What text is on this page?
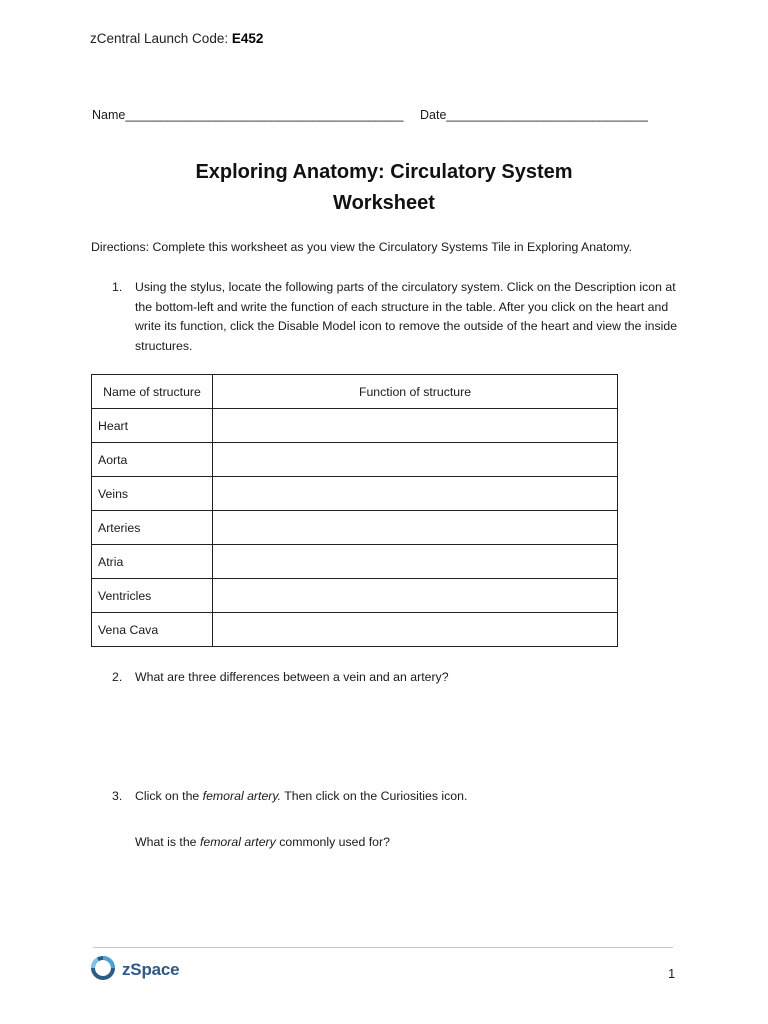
zCentral Launch Code: E452
Name________________________________________ Date_____________________________
Exploring Anatomy: Circulatory System
Worksheet
Directions: Complete this worksheet as you view the Circulatory Systems Tile in Exploring Anatomy.
1. Using the stylus, locate the following parts of the circulatory system. Click on the Description icon at the bottom-left and write the function of each structure in the table. After you click on the heart and write its function, click the Disable Model icon to remove the outside of the heart and view the inside structures.
Name of structure	Function of structure
Heart	
Aorta	
Veins	
Arteries	
Atria	
Ventricles	
Vena Cava	
2. What are three differences between a vein and an artery?
3. Click on the femoral artery. Then click on the Curiosities icon.
What is the femoral artery commonly used for?
zSpace	1
